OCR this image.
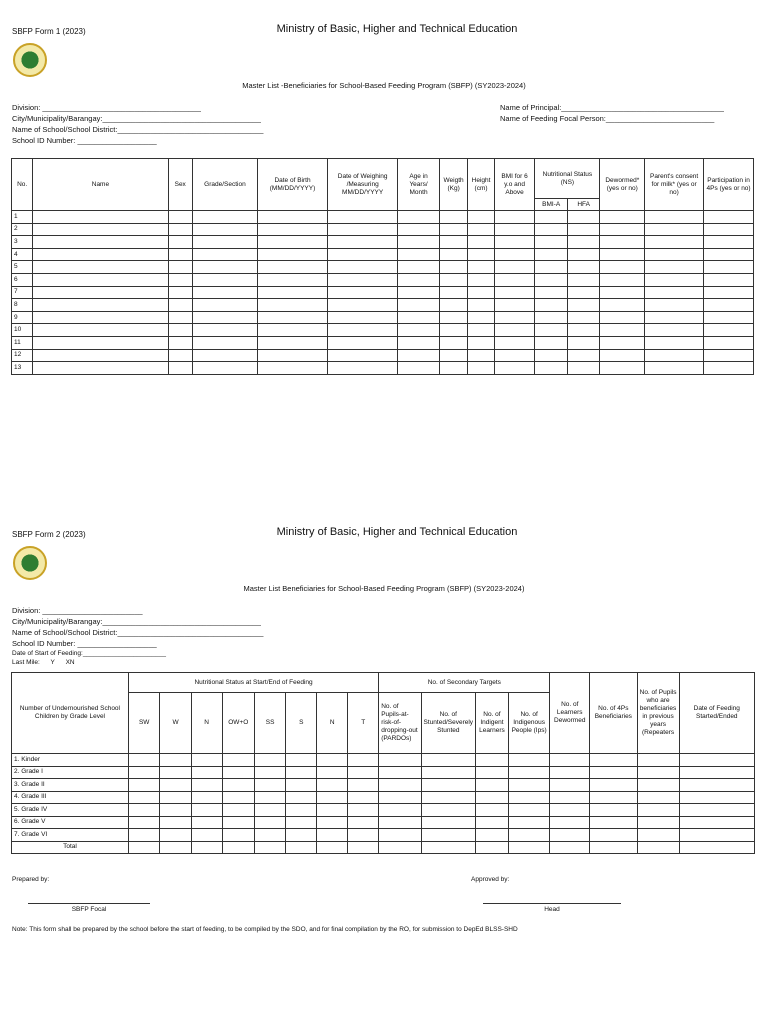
SBFP Form 1 (2023)	Ministry of Basic, Higher and Technical Education
Master List -Beneficiaries for School-Based Feeding Program (SBFP) (SY2023-2024)
Division: ______________________________________
City/Municipality/Barangay:______________________________________
Name of School/School District:___________________________________
School ID Number: ___________________
Name of Principal:_______________________________________
Name of Feeding Focal Person:__________________________
No.	Name	Sex	Grade/Section	Date of Birth (MM/DD/YYYY)	Date of Weighing /Measuring MM/DD/YYYY	Age in Years/ Month	Weigth (Kg)	Height (cm)	BMI for 6 y.o and Above	Nutritional Status (NS)		Dewormed* (yes or no)	Parent's consent for milk* (yes or no)	Participation in 4Ps (yes or no)
										BMI-A	HFA			
1														
2														
3														
4														
5														
6														
7														
8														
9														
10														
11														
12														
13														
SBFP Form 2 (2023)	Ministry of Basic, Higher and Technical Education
Master List Beneficiaries for School-Based Feeding Program (SBFP) (SY2023-2024)
Division: ________________________
City/Municipality/Barangay:______________________________________
Name of School/School District:___________________________________
School ID Number: ___________________
Date of Start of Feeding:_______________________
Last Mile:      Y      XN
Number of Undernourished School Children by Grade Level	Nutritional Status at Start/End of Feeding								No. of Secondary Targets				No. of Learners Dewormed	No. of 4Ps Beneficiaries	No. of Pupils who are beneficiaries in previous years (Repeaters	Date of Feeding Started/Ended
	SW	W	N	OW+O	SS	S	N	T	No. of Pupils-at-risk-of-dropping-out (PARDOs)	No. of Stunted/Severely Stunted	No. of Indigent Learners	No. of Indigenous People (Ips)				
1. Kinder																
2. Grade I																
3. Grade II																
4. Grade III																
5. Grade IV																
6. Grade V																
7. Grade VI																
Total																
Prepared by:	Approved by:
SBFP Focal	Head
Note: This form shall be prepared by the school before the start of feeding, to be compiled by the SDO, and for final compilation by the RO, for submission to DepEd BLSS-SHD
